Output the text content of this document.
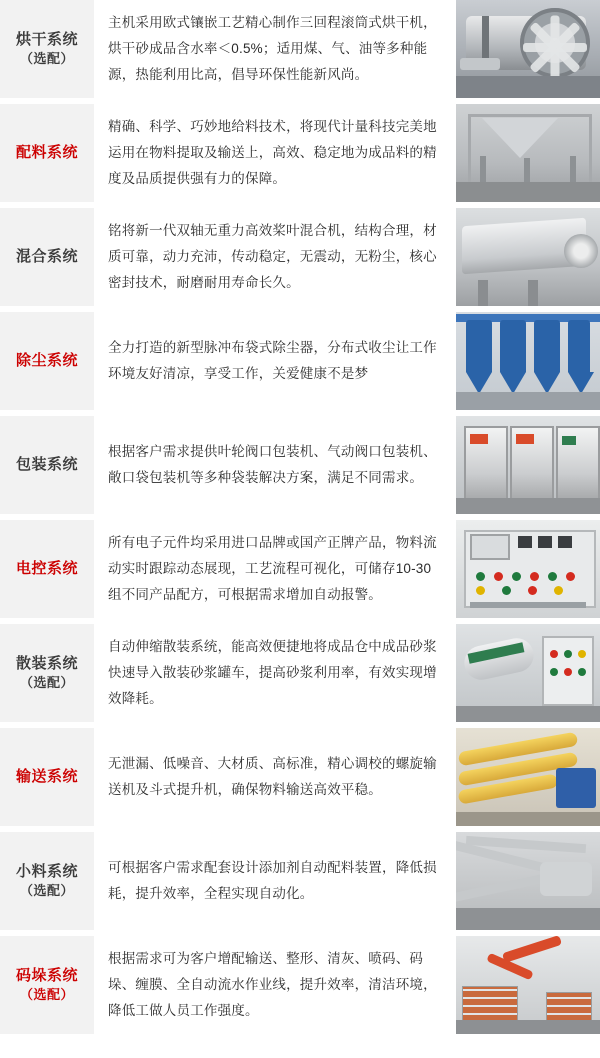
烘干系统
（选配）

主机采用欧式镶嵌工艺精心制作三回程滚筒式烘干机，烘干砂成品含水率＜0.5%；适用煤、气、油等多种能源，热能利用比高，倡导环保性能新风尚。

配料系统

精确、科学、巧妙地给料技术，将现代计量科技完美地运用在物料提取及输送上，高效、稳定地为成品料的精度及品质提供强有力的保障。

混合系统

铭将新一代双轴无重力高效桨叶混合机，结构合理，材质可靠，动力充沛，传动稳定，无震动，无粉尘，核心密封技术，耐磨耐用寿命长久。

除尘系统

全力打造的新型脉冲布袋式除尘器，分布式收尘让工作环境友好清凉，享受工作，关爱健康不是梦

包装系统

根据客户需求提供叶轮阀口包装机、气动阀口包装机、敞口袋包装机等多种袋装解决方案，满足不同需求。

电控系统

所有电子元件均采用进口品牌或国产正牌产品，物料流动实时跟踪动态展现，工艺流程可视化，可储存10-30组不同产品配方，可根据需求增加自动报警。

散装系统
（选配）

自动伸缩散装系统，能高效便捷地将成品仓中成品砂浆快速导入散装砂浆罐车，提高砂浆利用率，有效实现增效降耗。

输送系统

无泄漏、低噪音、大材质、高标准，精心调校的螺旋输送机及斗式提升机，确保物料输送高效平稳。

小料系统
（选配）

可根据客户需求配套设计添加剂自动配料装置，降低损耗，提升效率，全程实现自动化。

码垛系统
（选配）

根据需求可为客户增配输送、整形、清灰、喷码、码垛、缠膜、全自动流水作业线，提升效率，清洁环境，降低工做人员工作强度。
